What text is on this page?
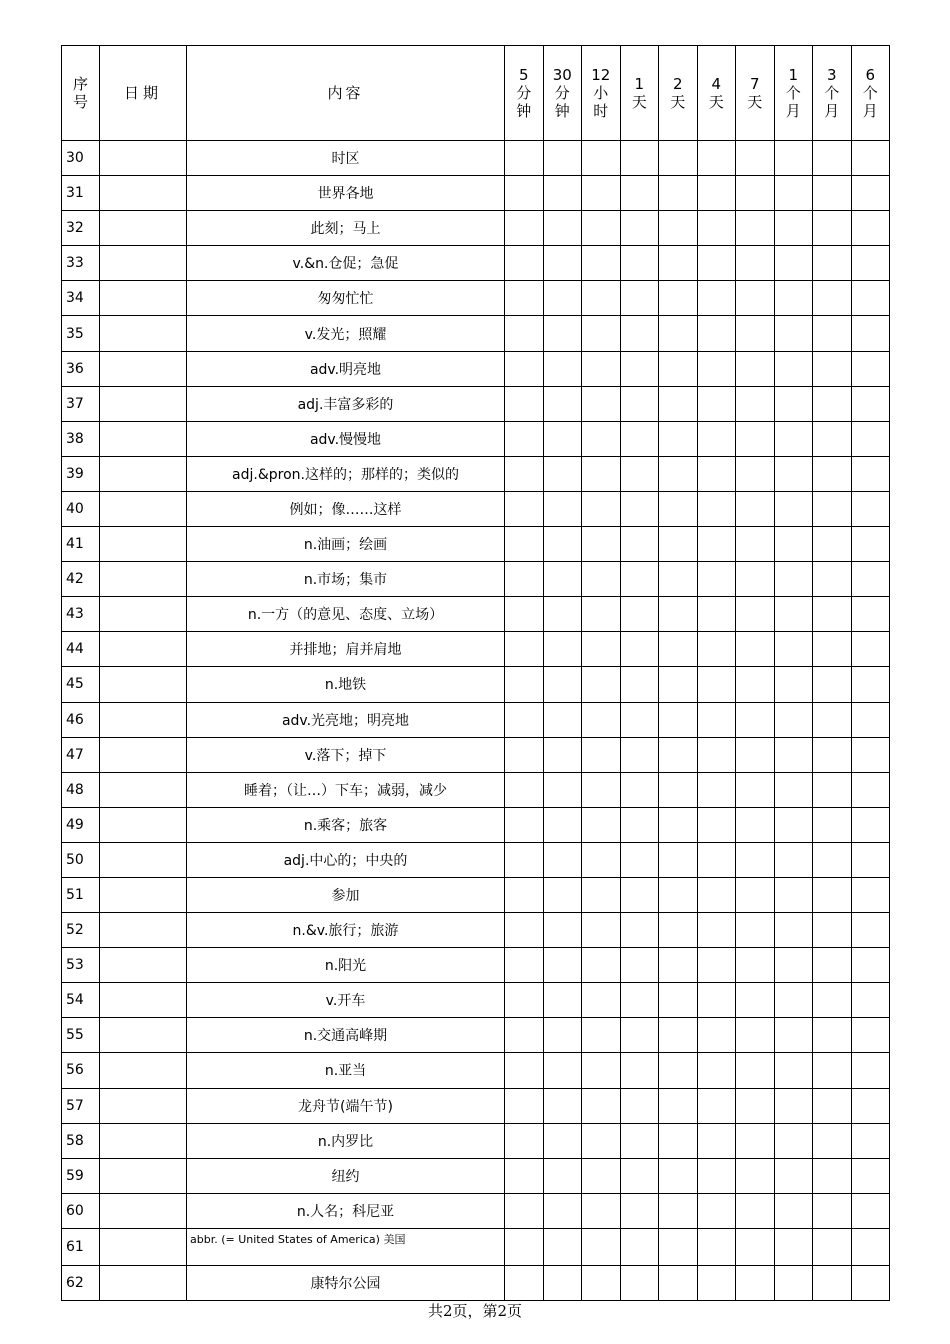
序号	日期	内容	5分钟	30分钟	12小时	1天	2天	4天	7天	1个月	3个月	6个月
30		时区										
31		世界各地										
32		此刻；马上										
33		v.&n.仓促；急促										
34		匆匆忙忙										
35		v.发光；照耀										
36		adv.明亮地										
37		adj.丰富多彩的										
38		adv.慢慢地										
39		adj.&pron.这样的；那样的；类似的										
40		例如；像……这样										
41		n.油画；绘画										
42		n.市场；集市										
43		n.一方（的意见、态度、立场）										
44		并排地；肩并肩地										
45		n.地铁										
46		adv.光亮地；明亮地										
47		v.落下；掉下										
48		睡着；（让…）下车；减弱，减少										
49		n.乘客；旅客										
50		adj.中心的；中央的										
51		参加										
52		n.&v.旅行；旅游										
53		n.阳光										
54		v.开车										
55		n.交通高峰期										
56		n.亚当										
57		龙舟节(端午节)										
58		n.内罗比										
59		纽约										
60		n.人名；科尼亚										
61		abbr. (= United States of America) 美国										
62		康特尔公园										
共2页，第2页
